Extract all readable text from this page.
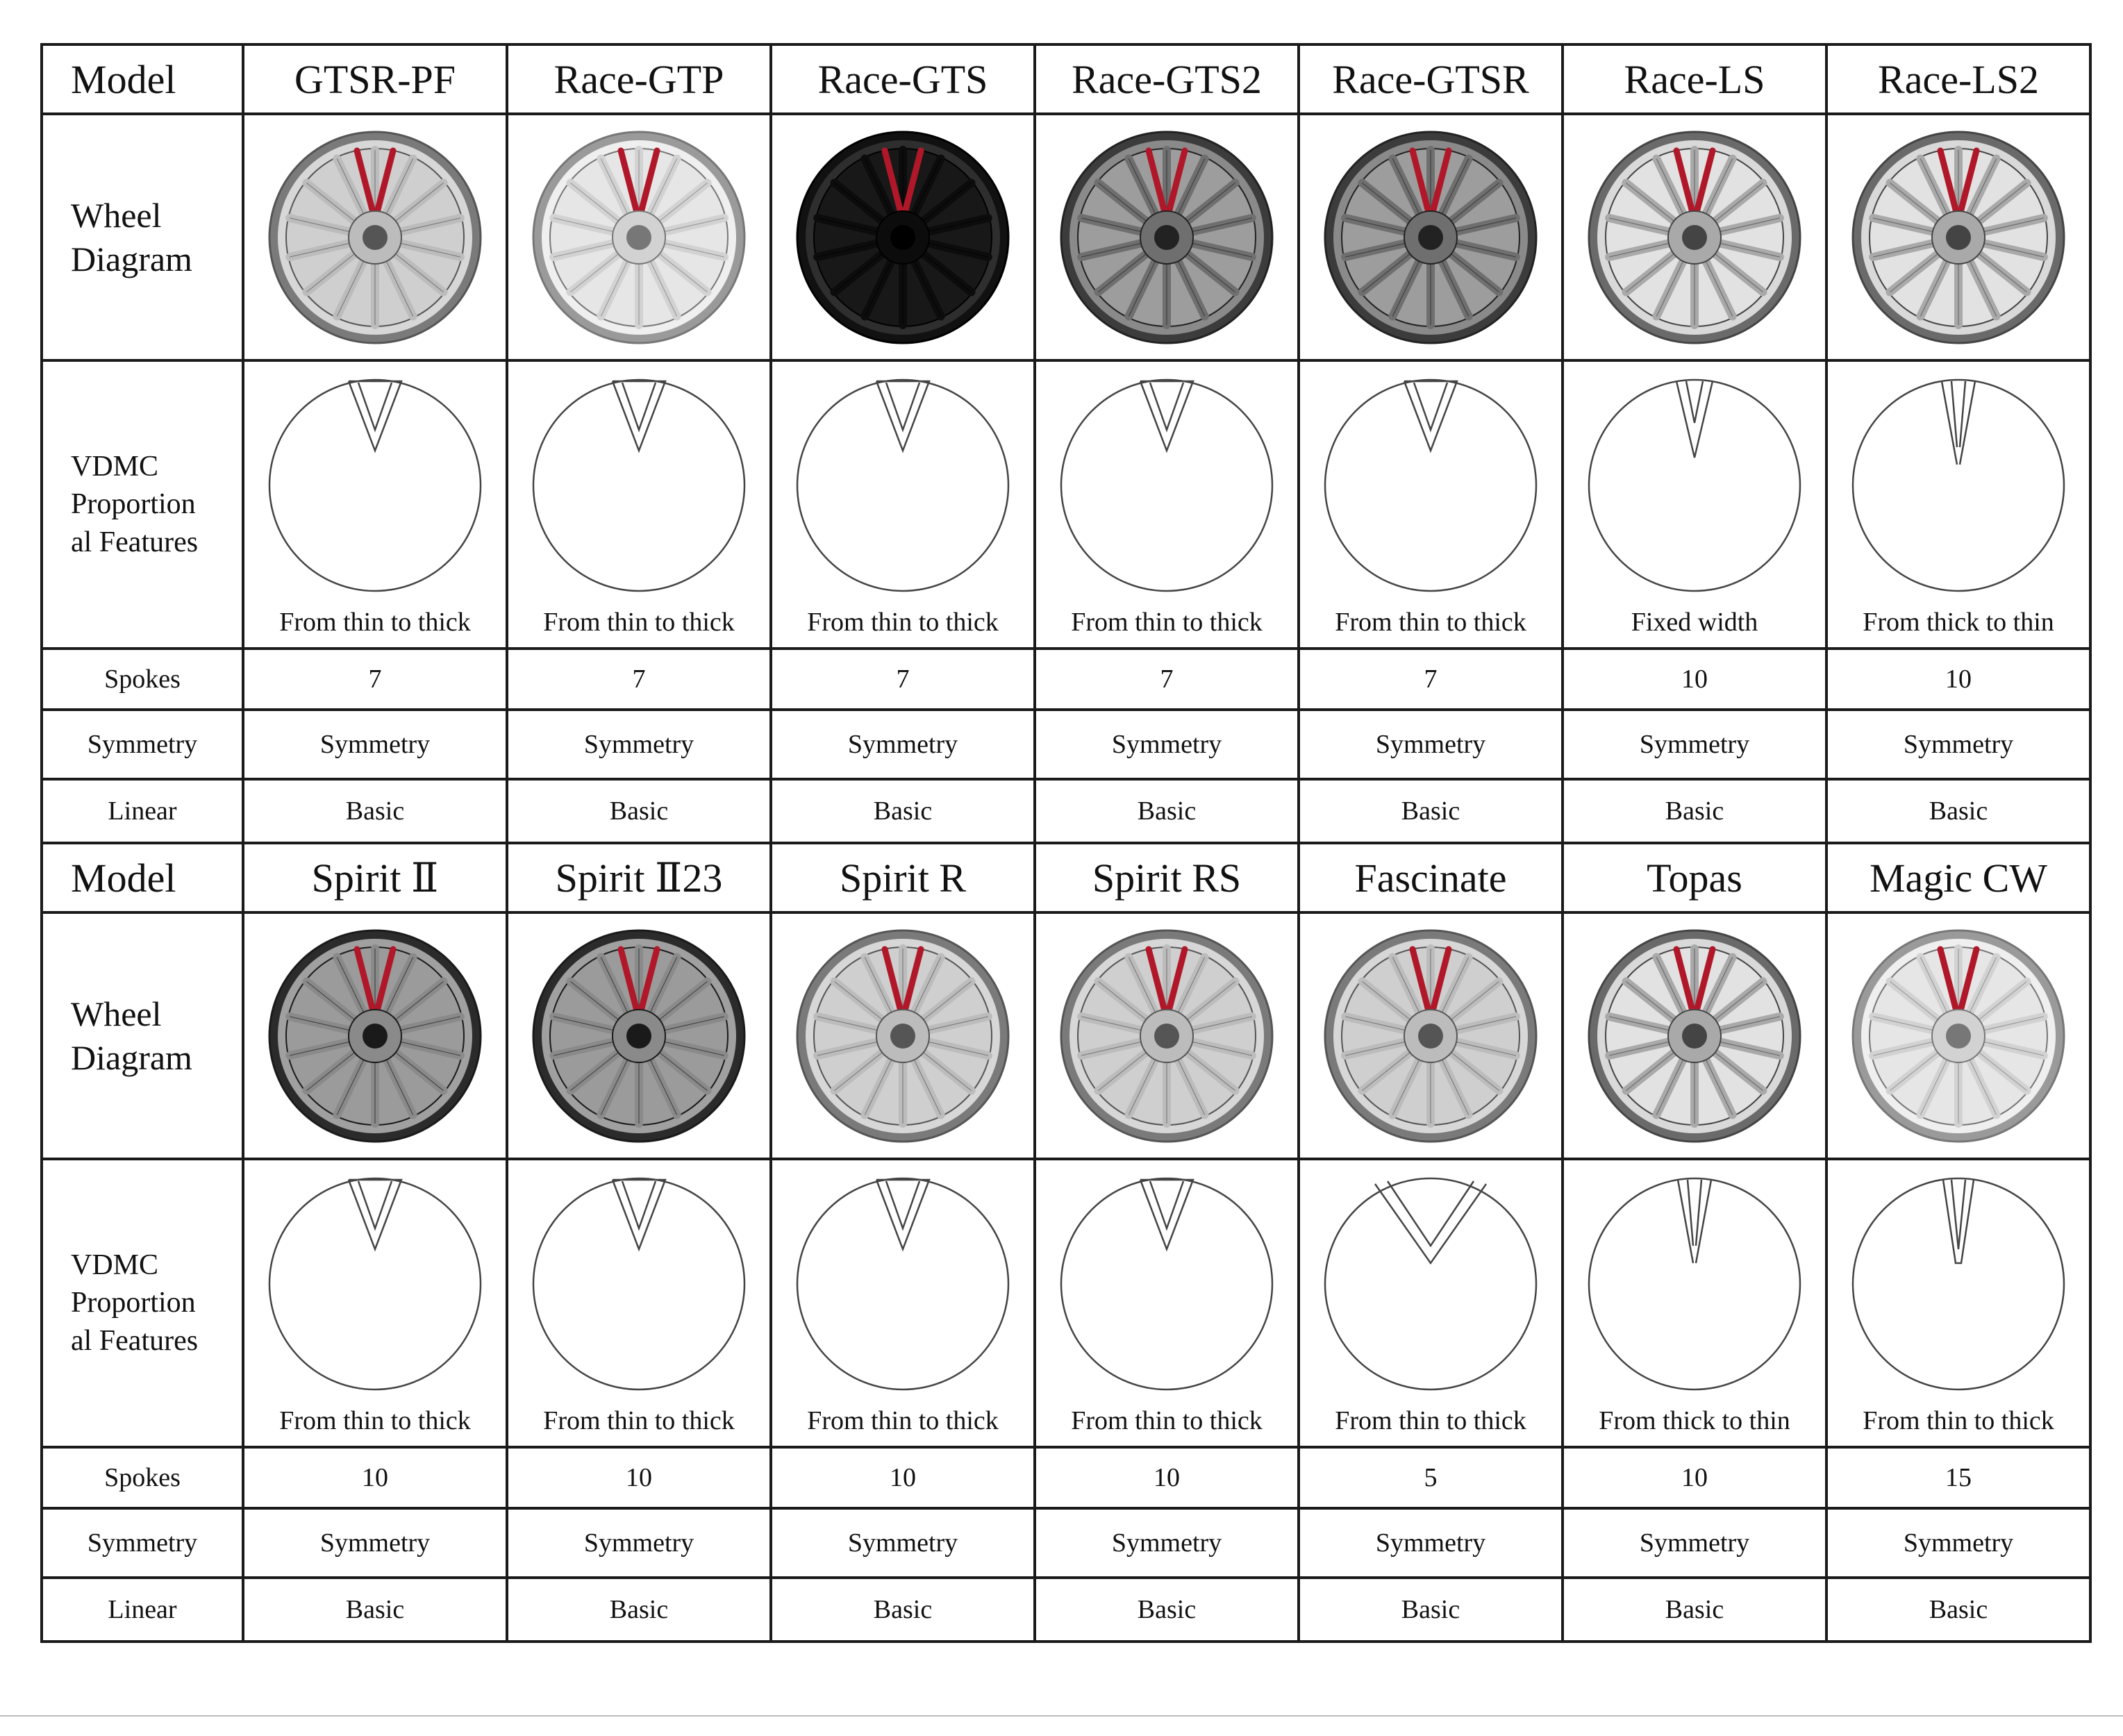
Model	GTSR-PF	Race-GTP	Race-GTS	Race-GTS2	Race-GTSR	Race-LS	Race-LS2
Wheel
Diagram	

VDMC
Proportion
al Features	From thin to thick	From thin to thick	From thin to thick	From thin to thick	From thin to thick	Fixed width	From thick to thin

Spokes	7	7	7	7	7	10	10
Symmetry	Symmetry	Symmetry	Symmetry	Symmetry	Symmetry	Symmetry	Symmetry
Linear	Basic	Basic	Basic	Basic	Basic	Basic	Basic
Model	Spirit Ⅱ	Spirit Ⅱ23	Spirit R	Spirit RS	Fascinate	Topas	Magic CW
Wheel
Diagram	

VDMC
Proportion
al Features	From thin to thick	From thin to thick	From thin to thick	From thin to thick	From thin to thick	From thick to thin	From thin to thick

Spokes	10	10	10	10	5	10	15
Symmetry	Symmetry	Symmetry	Symmetry	Symmetry	Symmetry	Symmetry	Symmetry
Linear	Basic	Basic	Basic	Basic	Basic	Basic	Basic
